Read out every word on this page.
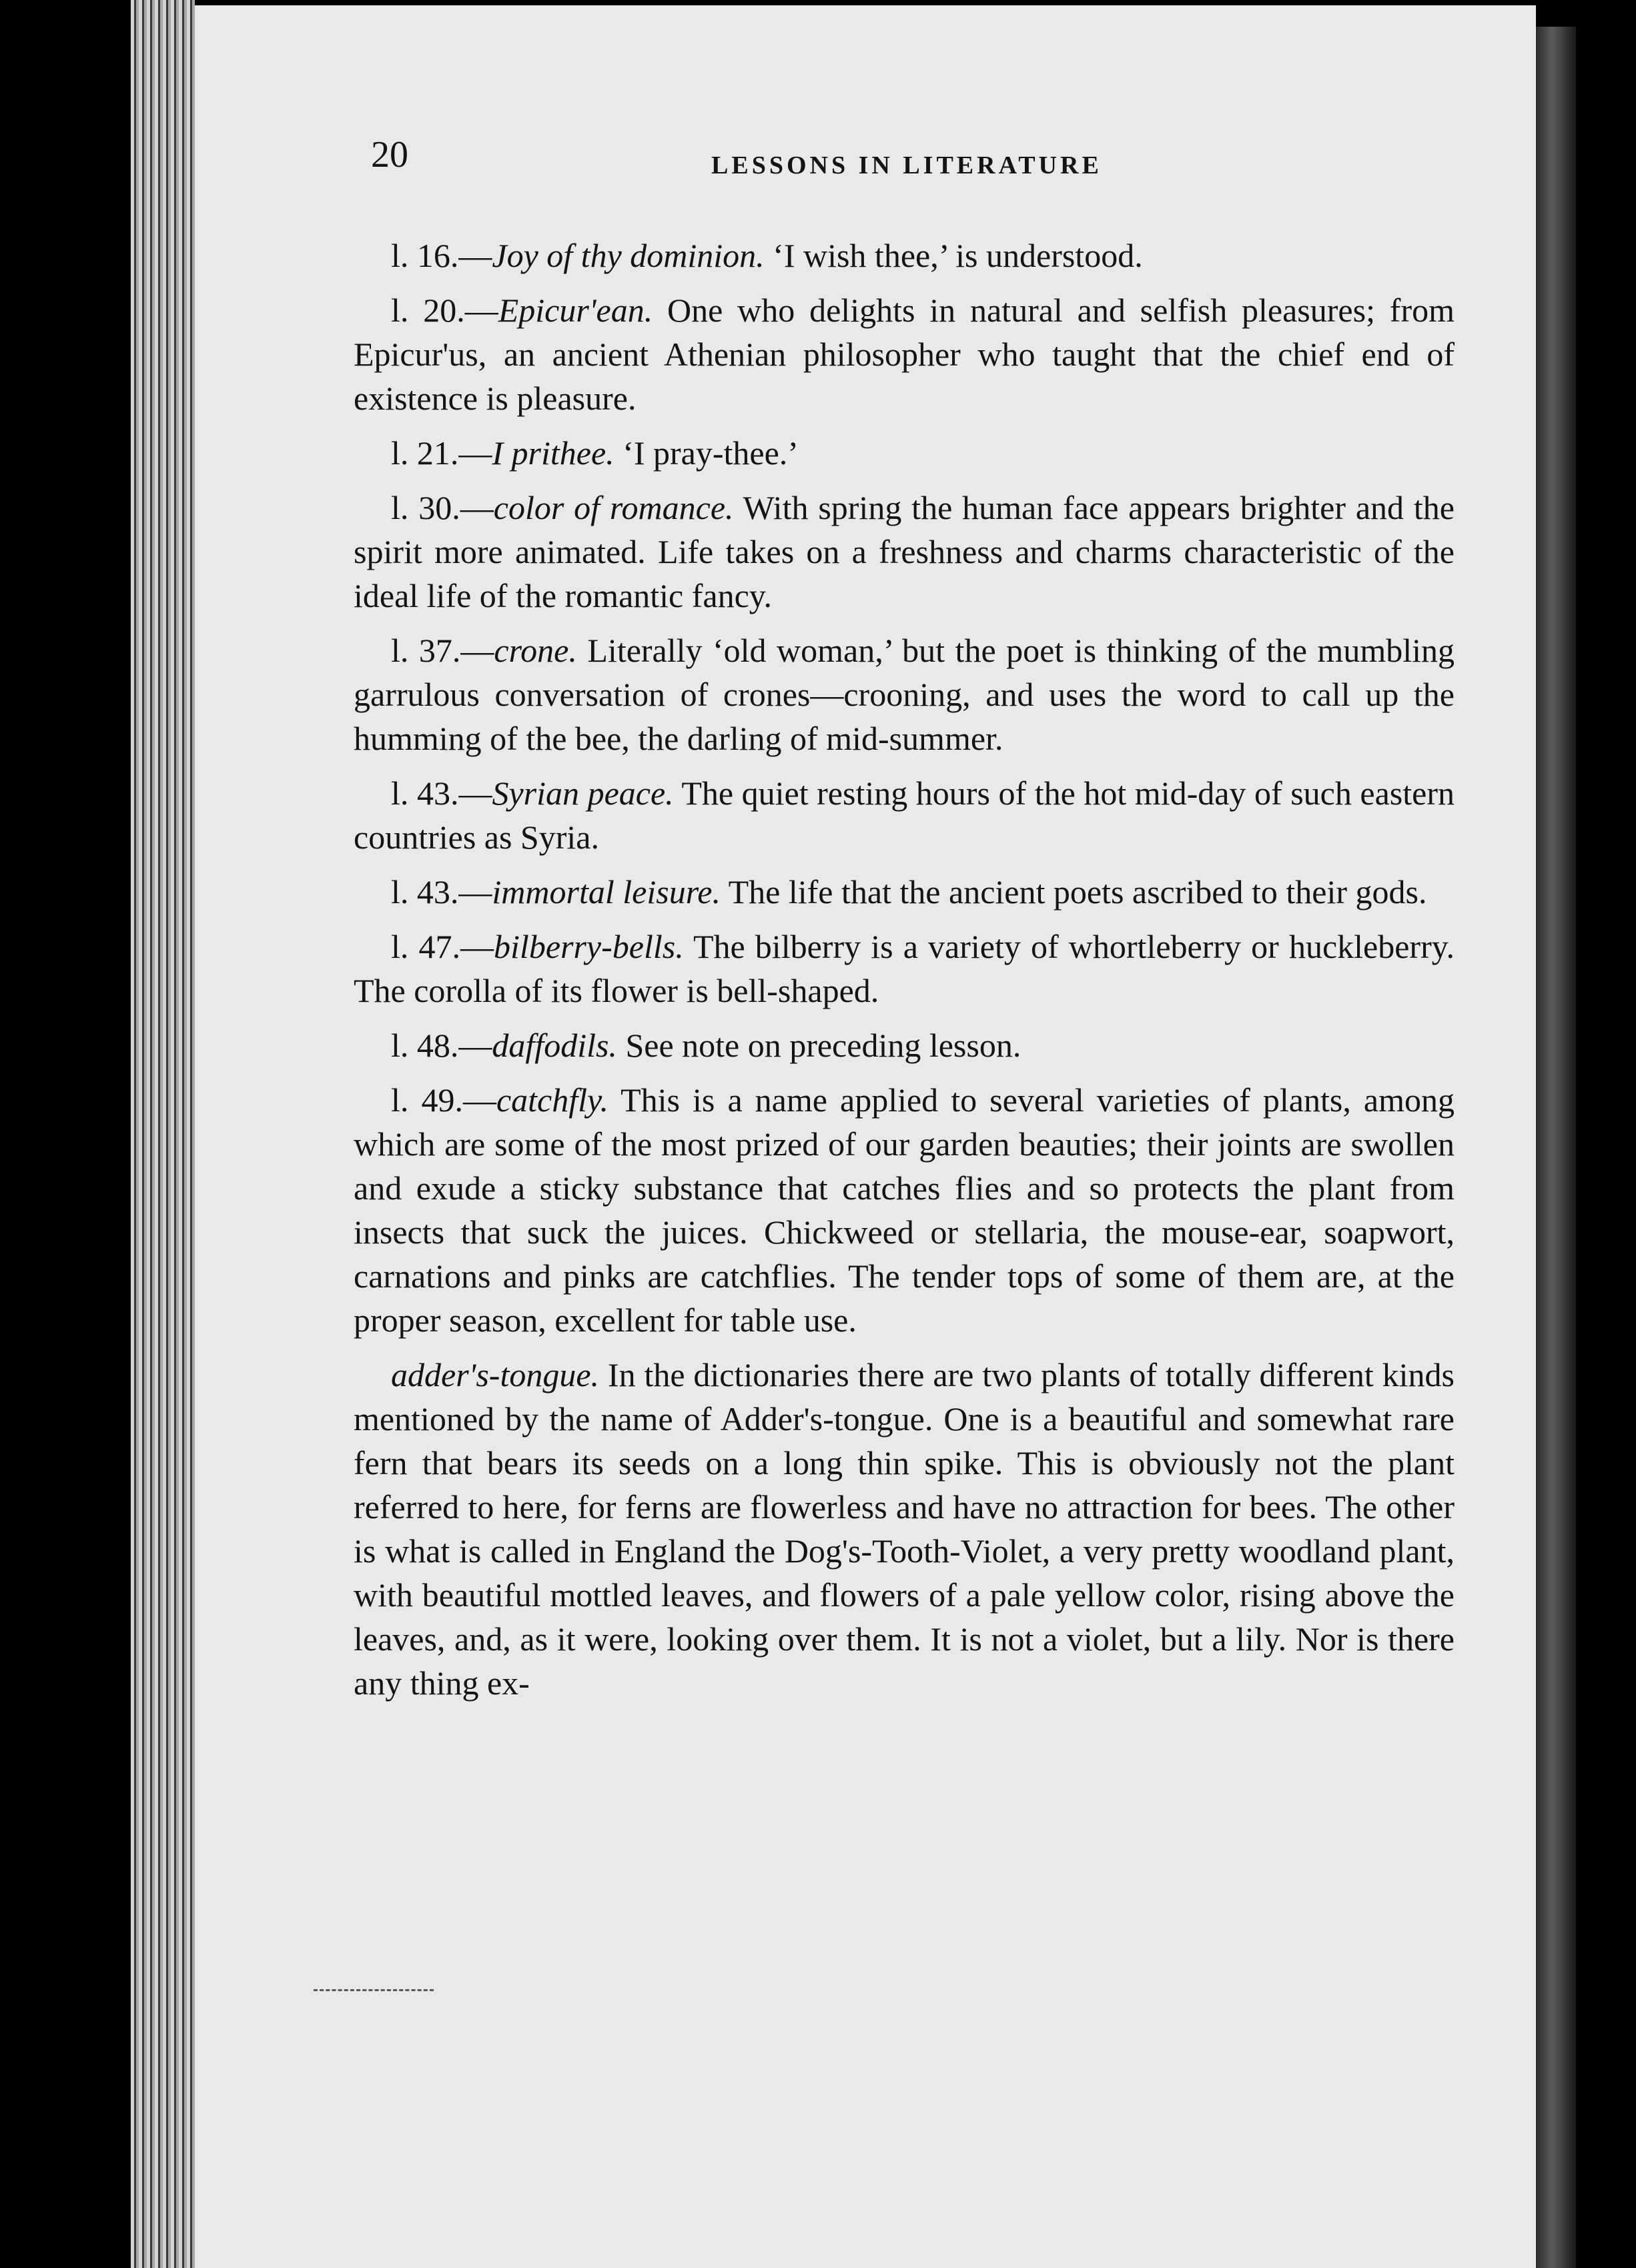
20	LESSONS IN LITERATURE

l. 16.—Joy of thy dominion. ‘I wish thee,’ is understood.

l. 20.—Epicur'ean. One who delights in natural and selfish pleasures; from Epicur'us, an ancient Athenian philosopher who taught that the chief end of existence is pleasure.

l. 21.—I prithee. ‘I pray-thee.’

l. 30.—color of romance. With spring the human face appears brighter and the spirit more animated. Life takes on a freshness and charms characteristic of the ideal life of the romantic fancy.

l. 37.—crone. Literally ‘old woman,’ but the poet is thinking of the mumbling garrulous conversation of crones—crooning, and uses the word to call up the humming of the bee, the darling of mid-summer.

l. 43.—Syrian peace. The quiet resting hours of the hot mid-day of such eastern countries as Syria.

l. 43.—immortal leisure. The life that the ancient poets ascribed to their gods.

l. 47.—bilberry-bells. The bilberry is a variety of whortleberry or huckleberry. The corolla of its flower is bell-shaped.

l. 48.—daffodils. See note on preceding lesson.

l. 49.—catchfly. This is a name applied to several varieties of plants, among which are some of the most prized of our garden beauties; their joints are swollen and exude a sticky substance that catches flies and so protects the plant from insects that suck the juices. Chickweed or stellaria, the mouse-ear, soapwort, carnations and pinks are catchflies. The tender tops of some of them are, at the proper season, excellent for table use.

adder's-tongue. In the dictionaries there are two plants of totally different kinds mentioned by the name of Adder's-tongue. One is a beautiful and somewhat rare fern that bears its seeds on a long thin spike. This is obviously not the plant referred to here, for ferns are flowerless and have no attraction for bees. The other is what is called in England the Dog's-Tooth-Violet, a very pretty woodland plant, with beautiful mottled leaves, and flowers of a pale yellow color, rising above the leaves, and, as it were, looking over them. It is not a violet, but a lily. Nor is there any thing ex-
